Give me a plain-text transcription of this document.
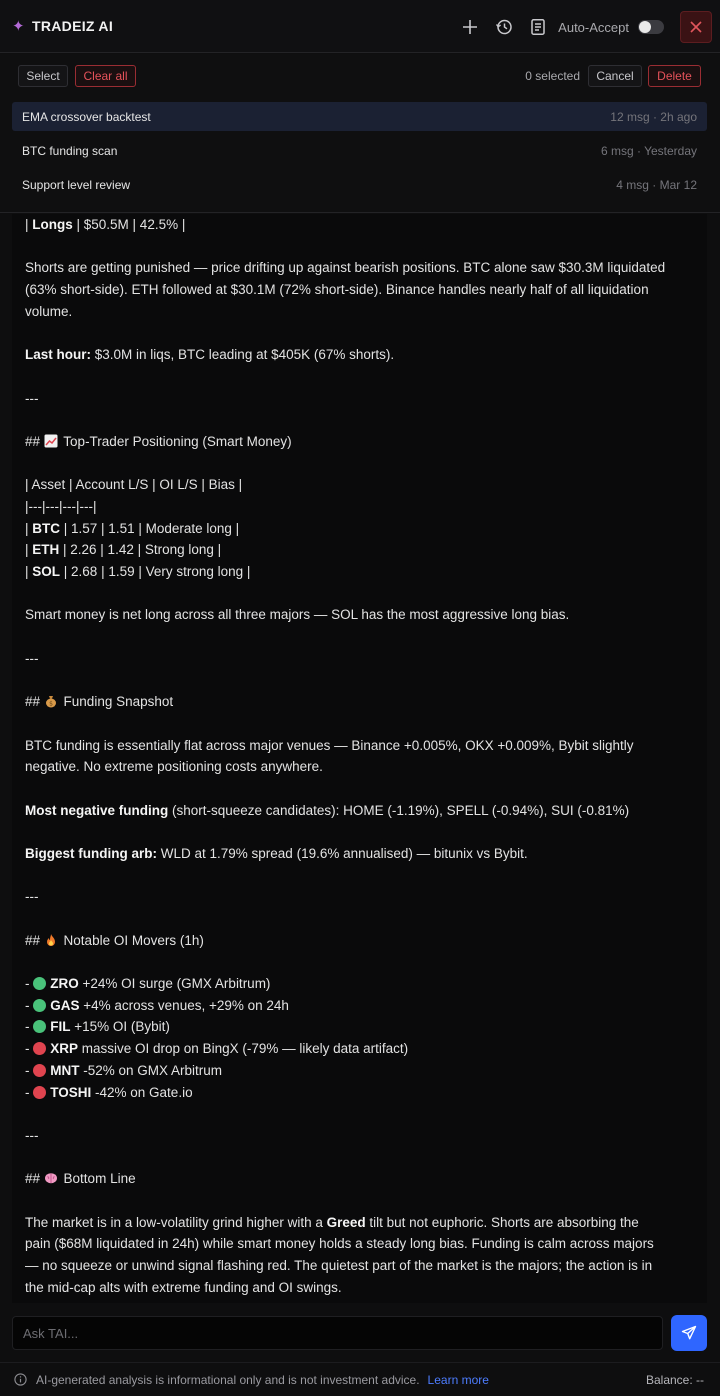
✦ TRADEIZ AI	Auto-Accept
Select	Clear all	0 selected	Cancel	Delete
EMA crossover backtest	12 msg · 2h ago
BTC funding scan	6 msg · Yesterday
Support level review	4 msg · Mar 12
| Longs | $50.5M | 42.5% |
Shorts are getting punished — price drifting up against bearish positions. BTC alone saw $30.3M liquidated
(63% short-side). ETH followed at $30.1M (72% short-side). Binance handles nearly half of all liquidation
volume.
Last hour: $3.0M in liqs, BTC leading at $405K (67% shorts).
---
##  Top-Trader Positioning (Smart Money)
| Asset | Account L/S | OI L/S | Bias |
|---|---|---|---|
| BTC | 1.57 | 1.51 | Moderate long |
| ETH | 2.26 | 1.42 | Strong long |
| SOL | 2.68 | 1.59 | Very strong long |
Smart money is net long across all three majors — SOL has the most aggressive long bias.
---
## $ Funding Snapshot
BTC funding is essentially flat across major venues — Binance +0.005%, OKX +0.009%, Bybit slightly
negative. No extreme positioning costs anywhere.
Most negative funding (short-squeeze candidates): HOME (-1.19%), SPELL (-0.94%), SUI (-0.81%)
Biggest funding arb: WLD at 1.79% spread (19.6% annualised) — bitunix vs Bybit.
---
##  Notable OI Movers (1h)
- ZRO +24% OI surge (GMX Arbitrum)
- GAS +4% across venues, +29% on 24h
- FIL +15% OI (Bybit)
- XRP massive OI drop on BingX (-79% — likely data artifact)
- MNT -52% on GMX Arbitrum
- TOSHI -42% on Gate.io
---
##  Bottom Line
The market is in a low-volatility grind higher with a Greed tilt but not euphoric. Shorts are absorbing the
pain ($68M liquidated in 24h) while smart money holds a steady long bias. Funding is calm across majors
— no squeeze or unwind signal flashing red. The quietest part of the market is the majors; the action is in
the mid-cap alts with extreme funding and OI swings.
Ask TAI...
AI-generated analysis is informational only and is not investment advice. Learn more	Balance: --
